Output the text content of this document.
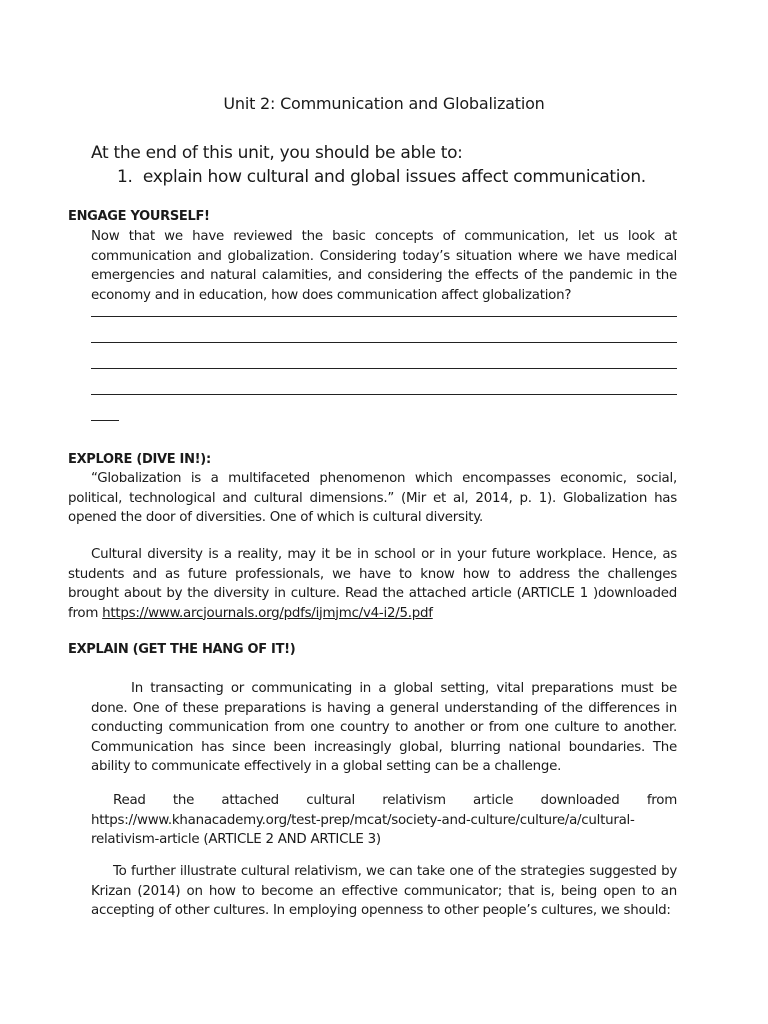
Unit 2: Communication and Globalization
At the end of this unit, you should be able to:
1. explain how cultural and global issues affect communication.
ENGAGE YOURSELF!
Now that we have reviewed the basic concepts of communication, let us look at communication and globalization. Considering today’s situation where we have medical emergencies and natural calamities, and considering the effects of the pandemic in the economy and in education, how does communication affect globalization?
EXPLORE (DIVE IN!):
“Globalization is a multifaceted phenomenon which encompasses economic, social, political, technological and cultural dimensions.” (Mir et al, 2014, p. 1). Globalization has opened the door of diversities. One of which is cultural diversity.
Cultural diversity is a reality, may it be in school or in your future workplace. Hence, as students and as future professionals, we have to know how to address the challenges brought about by the diversity in culture. Read the attached article (ARTICLE 1 )downloaded from https://www.arcjournals.org/pdfs/ijmjmc/v4-i2/5.pdf
EXPLAIN (GET THE HANG OF IT!)
In transacting or communicating in a global setting, vital preparations must be done. One of these preparations is having a general understanding of the differences in conducting communication from one country to another or from one culture to another. Communication has since been increasingly global, blurring national boundaries. The ability to communicate effectively in a global setting can be a challenge.
Read the attached cultural relativism article downloaded from https://www.khanacademy.org/test-prep/mcat/society-and-culture/culture/a/cultural-relativism-article (ARTICLE 2 AND ARTICLE 3)
To further illustrate cultural relativism, we can take one of the strategies suggested by Krizan (2014) on how to become an effective communicator; that is, being open to an accepting of other cultures. In employing openness to other people’s cultures, we should:
